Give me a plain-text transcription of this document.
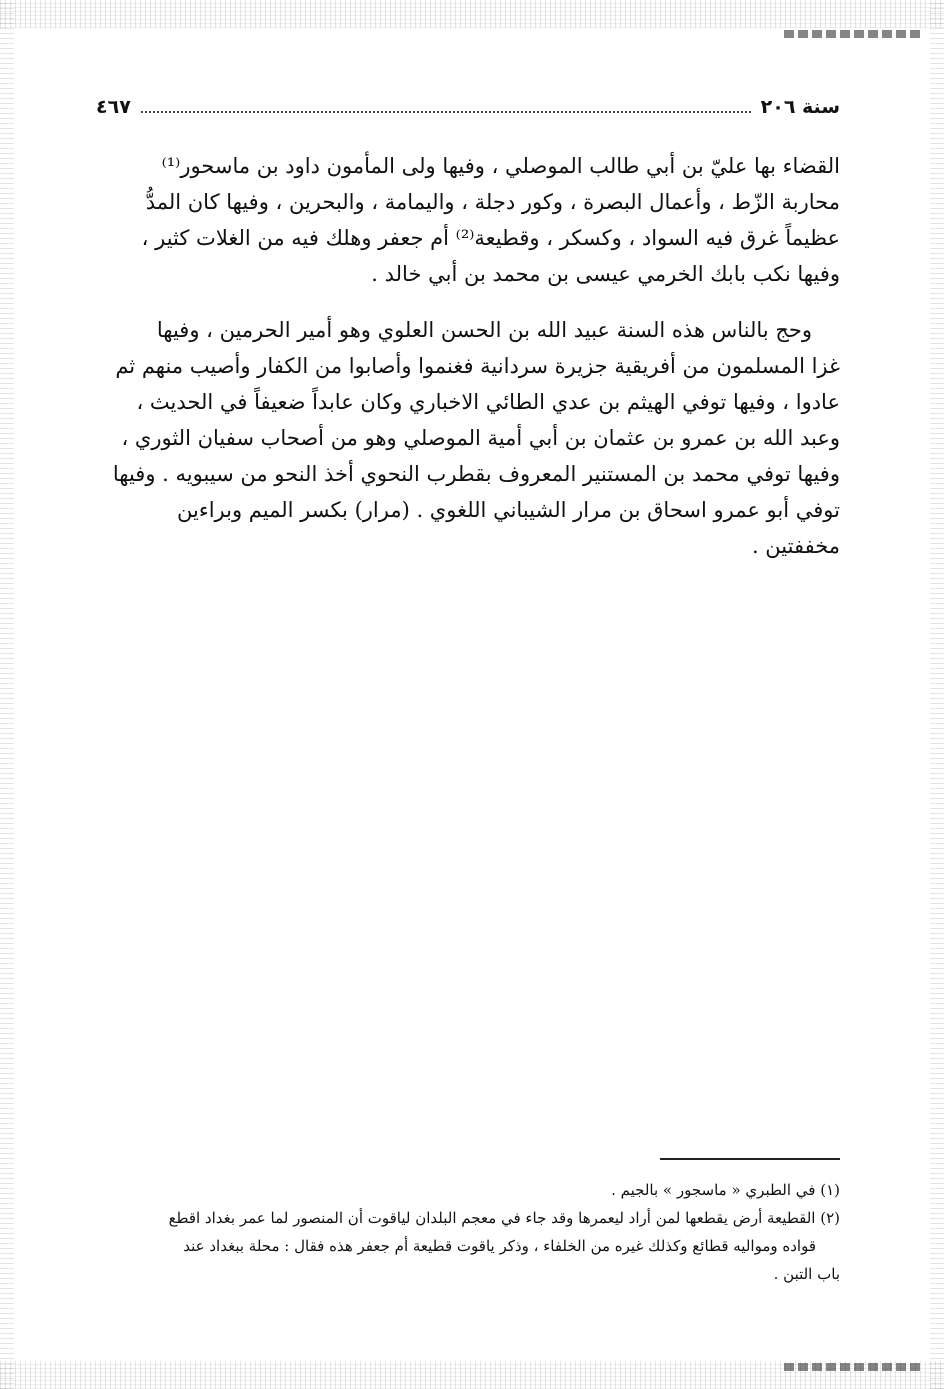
سنة ٢٠٦
٤٦٧
القضاء بها عليّ بن أبي طالب الموصلي ، وفيها ولى المأمون داود بن ماسحور⁽¹⁾
محاربة الزّط ، وأعمال البصرة ، وكور دجلة ، واليمامة ، والبحرين ، وفيها كان المدُّ
عظيماً غرق فيه السواد ، وكسكر ، وقطيعة⁽²⁾ أم جعفر وهلك فيه من الغلات كثير ،
وفيها نكب بابك الخرمي عيسى بن محمد بن أبي خالد .
وحج بالناس هذه السنة عبيد الله بن الحسن العلوي وهو أمير الحرمين ، وفيها
غزا المسلمون من أفريقية جزيرة سردانية فغنموا وأصابوا من الكفار وأصيب منهم ثم
عادوا ، وفيها توفي الهيثم بن عدي الطائي الاخباري وكان عابداً ضعيفاً في الحديث ،
وعبد الله بن عمرو بن عثمان بن أبي أمية الموصلي وهو من أصحاب سفيان الثوري ،
وفيها توفي محمد بن المستنير المعروف بقطرب النحوي أخذ النحو من سيبويه . وفيها
توفي أبو عمرو اسحاق بن مرار الشيباني اللغوي . (مرار) بكسر الميم وبراءين
مخففتين .
(١) في الطبري « ماسجور » بالجيم .
(٢) القطيعة أرض يقطعها لمن أراد ليعمرها وقد جاء في معجم البلدان لياقوت أن المنصور لما عمر بغداد اقطع
قواده ومواليه قطائع وكذلك غيره من الخلفاء ، وذكر ياقوت قطيعة أم جعفر هذه فقال : محلة ببغداد عند
باب التبن .
